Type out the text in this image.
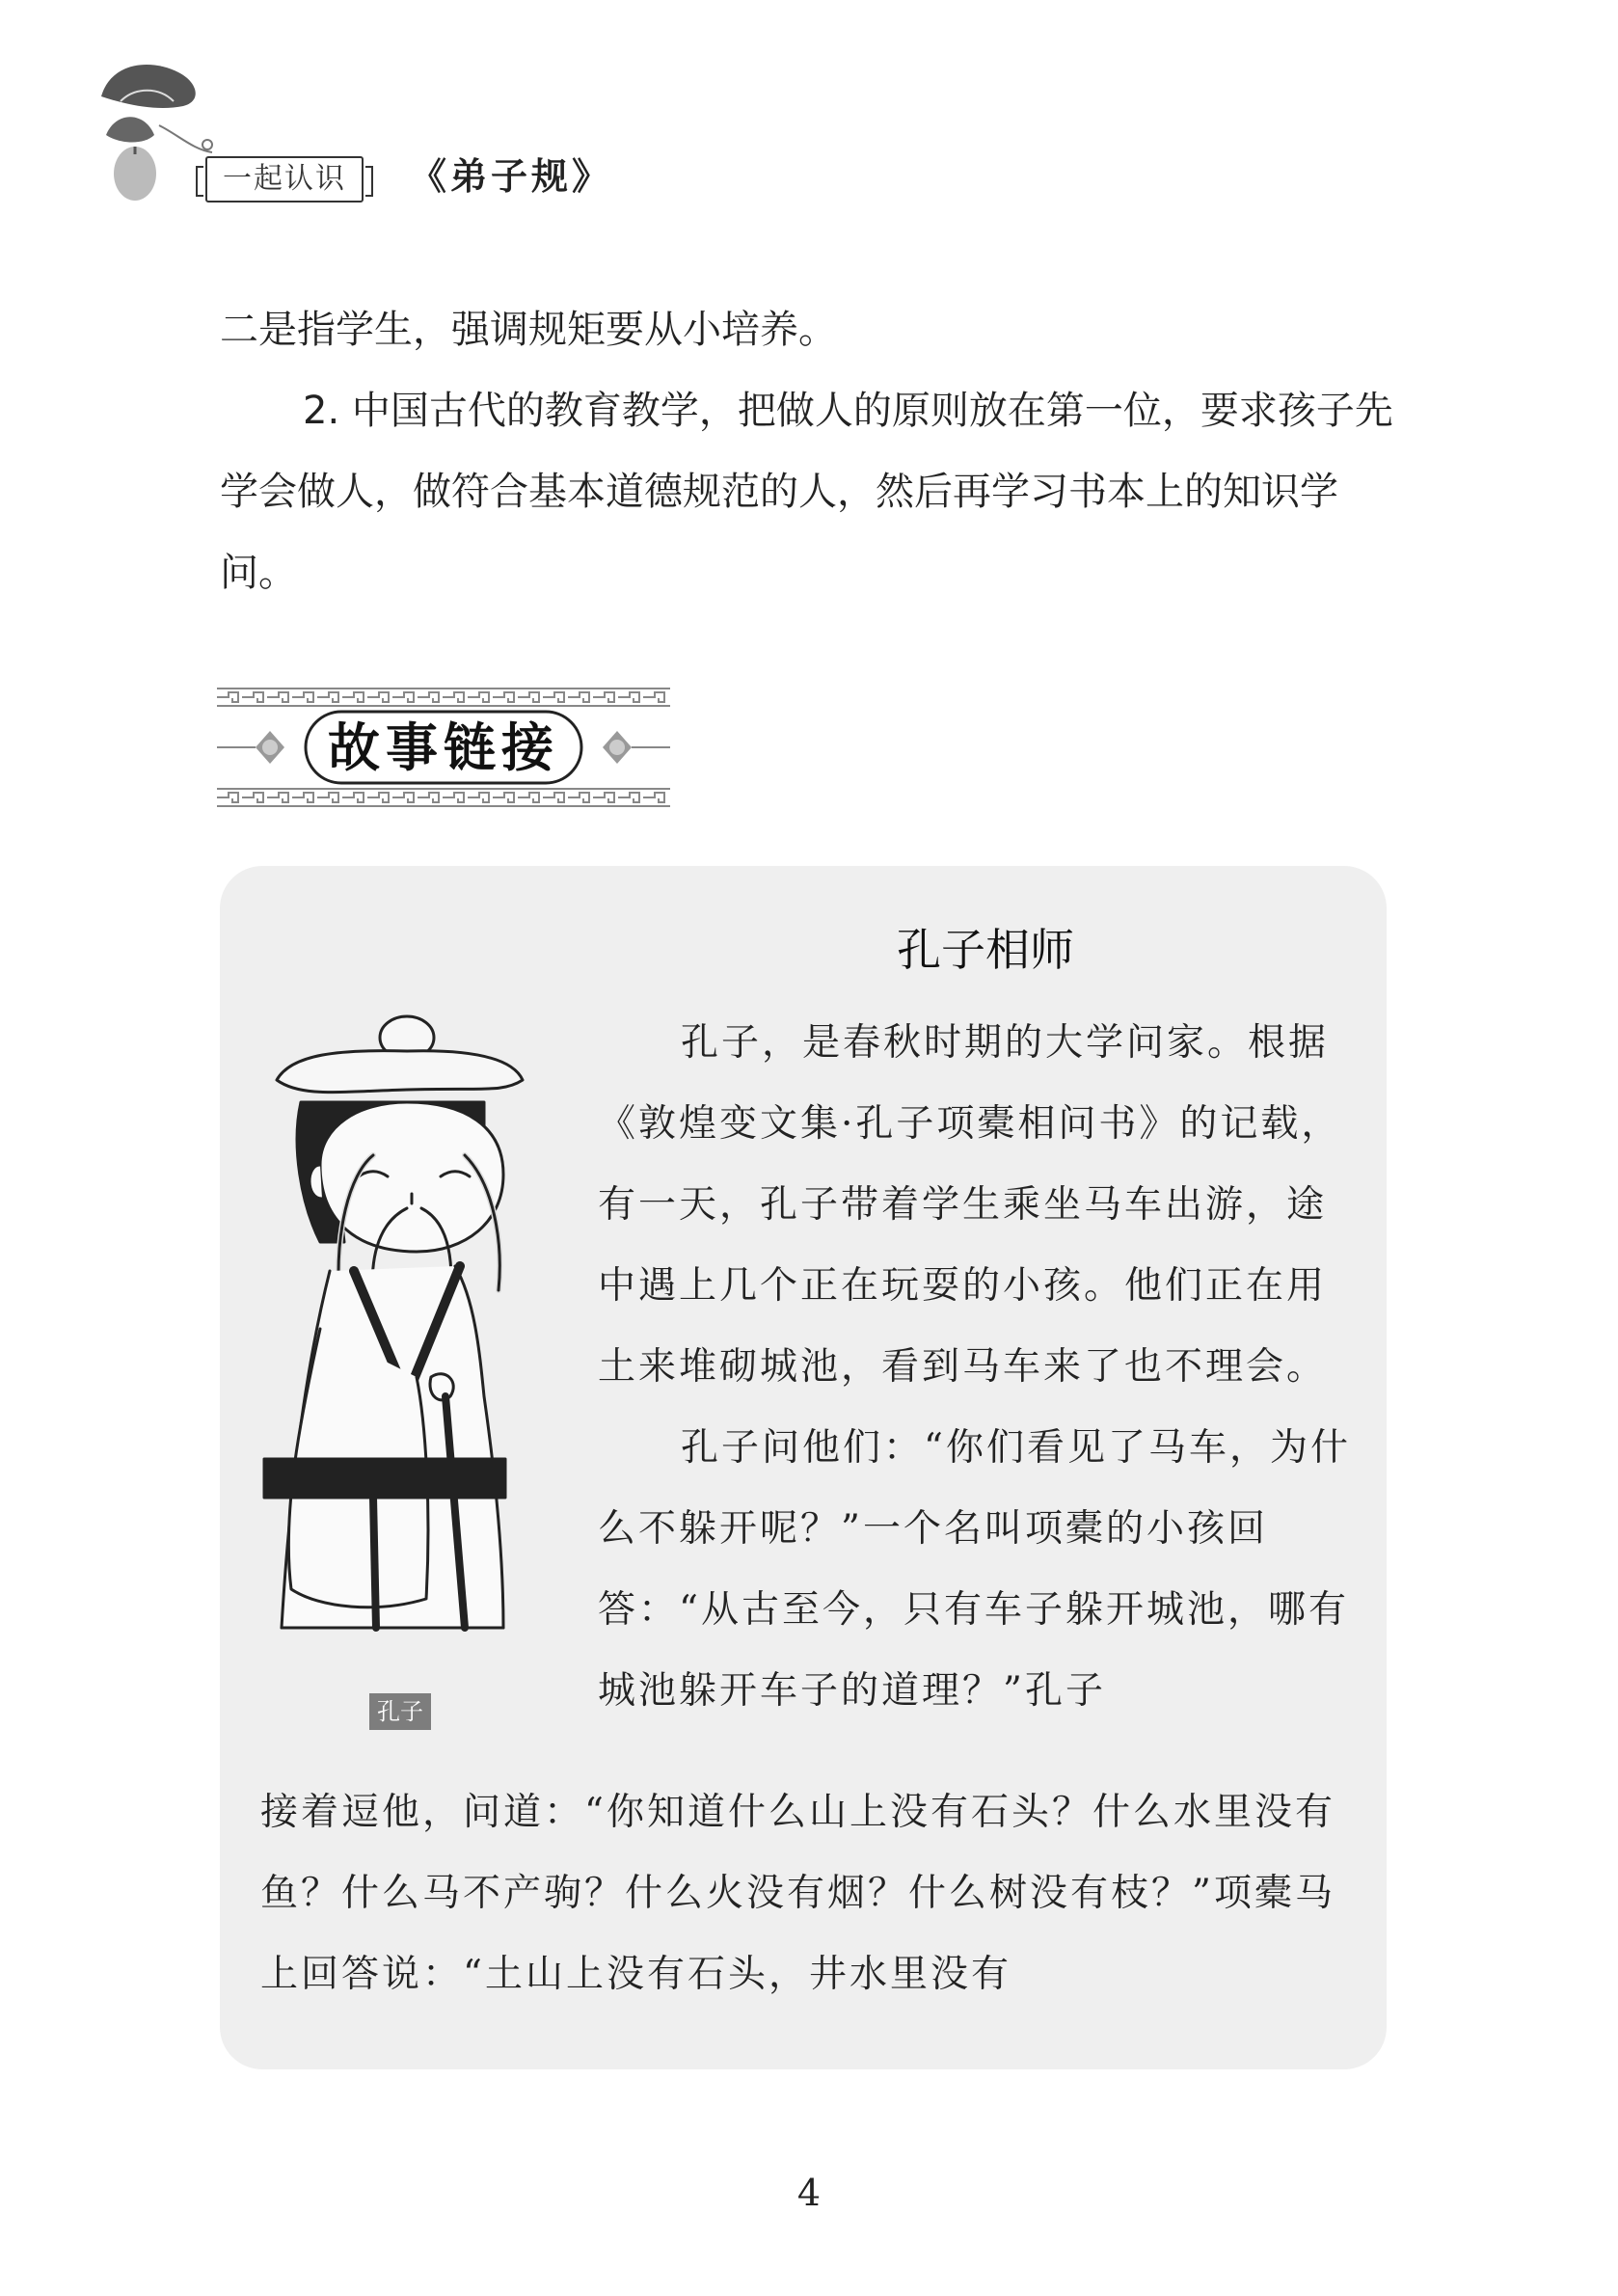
一起认识	《弟子规》

二是指学生，强调规矩要从小培养。

2. 中国古代的教育教学，把做人的原则放在第一位，要求孩子先学会做人，做符合基本道德规范的人，然后再学习书本上的知识学问。

故事链接
孔子相师
孔子

孔子，是春秋时期的大学问家。根据《敦煌变文集·孔子项橐相问书》的记载，有一天，孔子带着学生乘坐马车出游，途中遇上几个正在玩耍的小孩。他们正在用土来堆砌城池，看到马车来了也不理会。

孔子问他们：“你们看见了马车，为什么不躲开呢？”一个名叫项橐的小孩回答：“从古至今，只有车子躲开城池，哪有城池躲开车子的道理？”孔子

接着逗他，问道：“你知道什么山上没有石头？什么水里没有鱼？什么马不产驹？什么火没有烟？什么树没有枝？”项橐马上回答说：“土山上没有石头，井水里没有

4
